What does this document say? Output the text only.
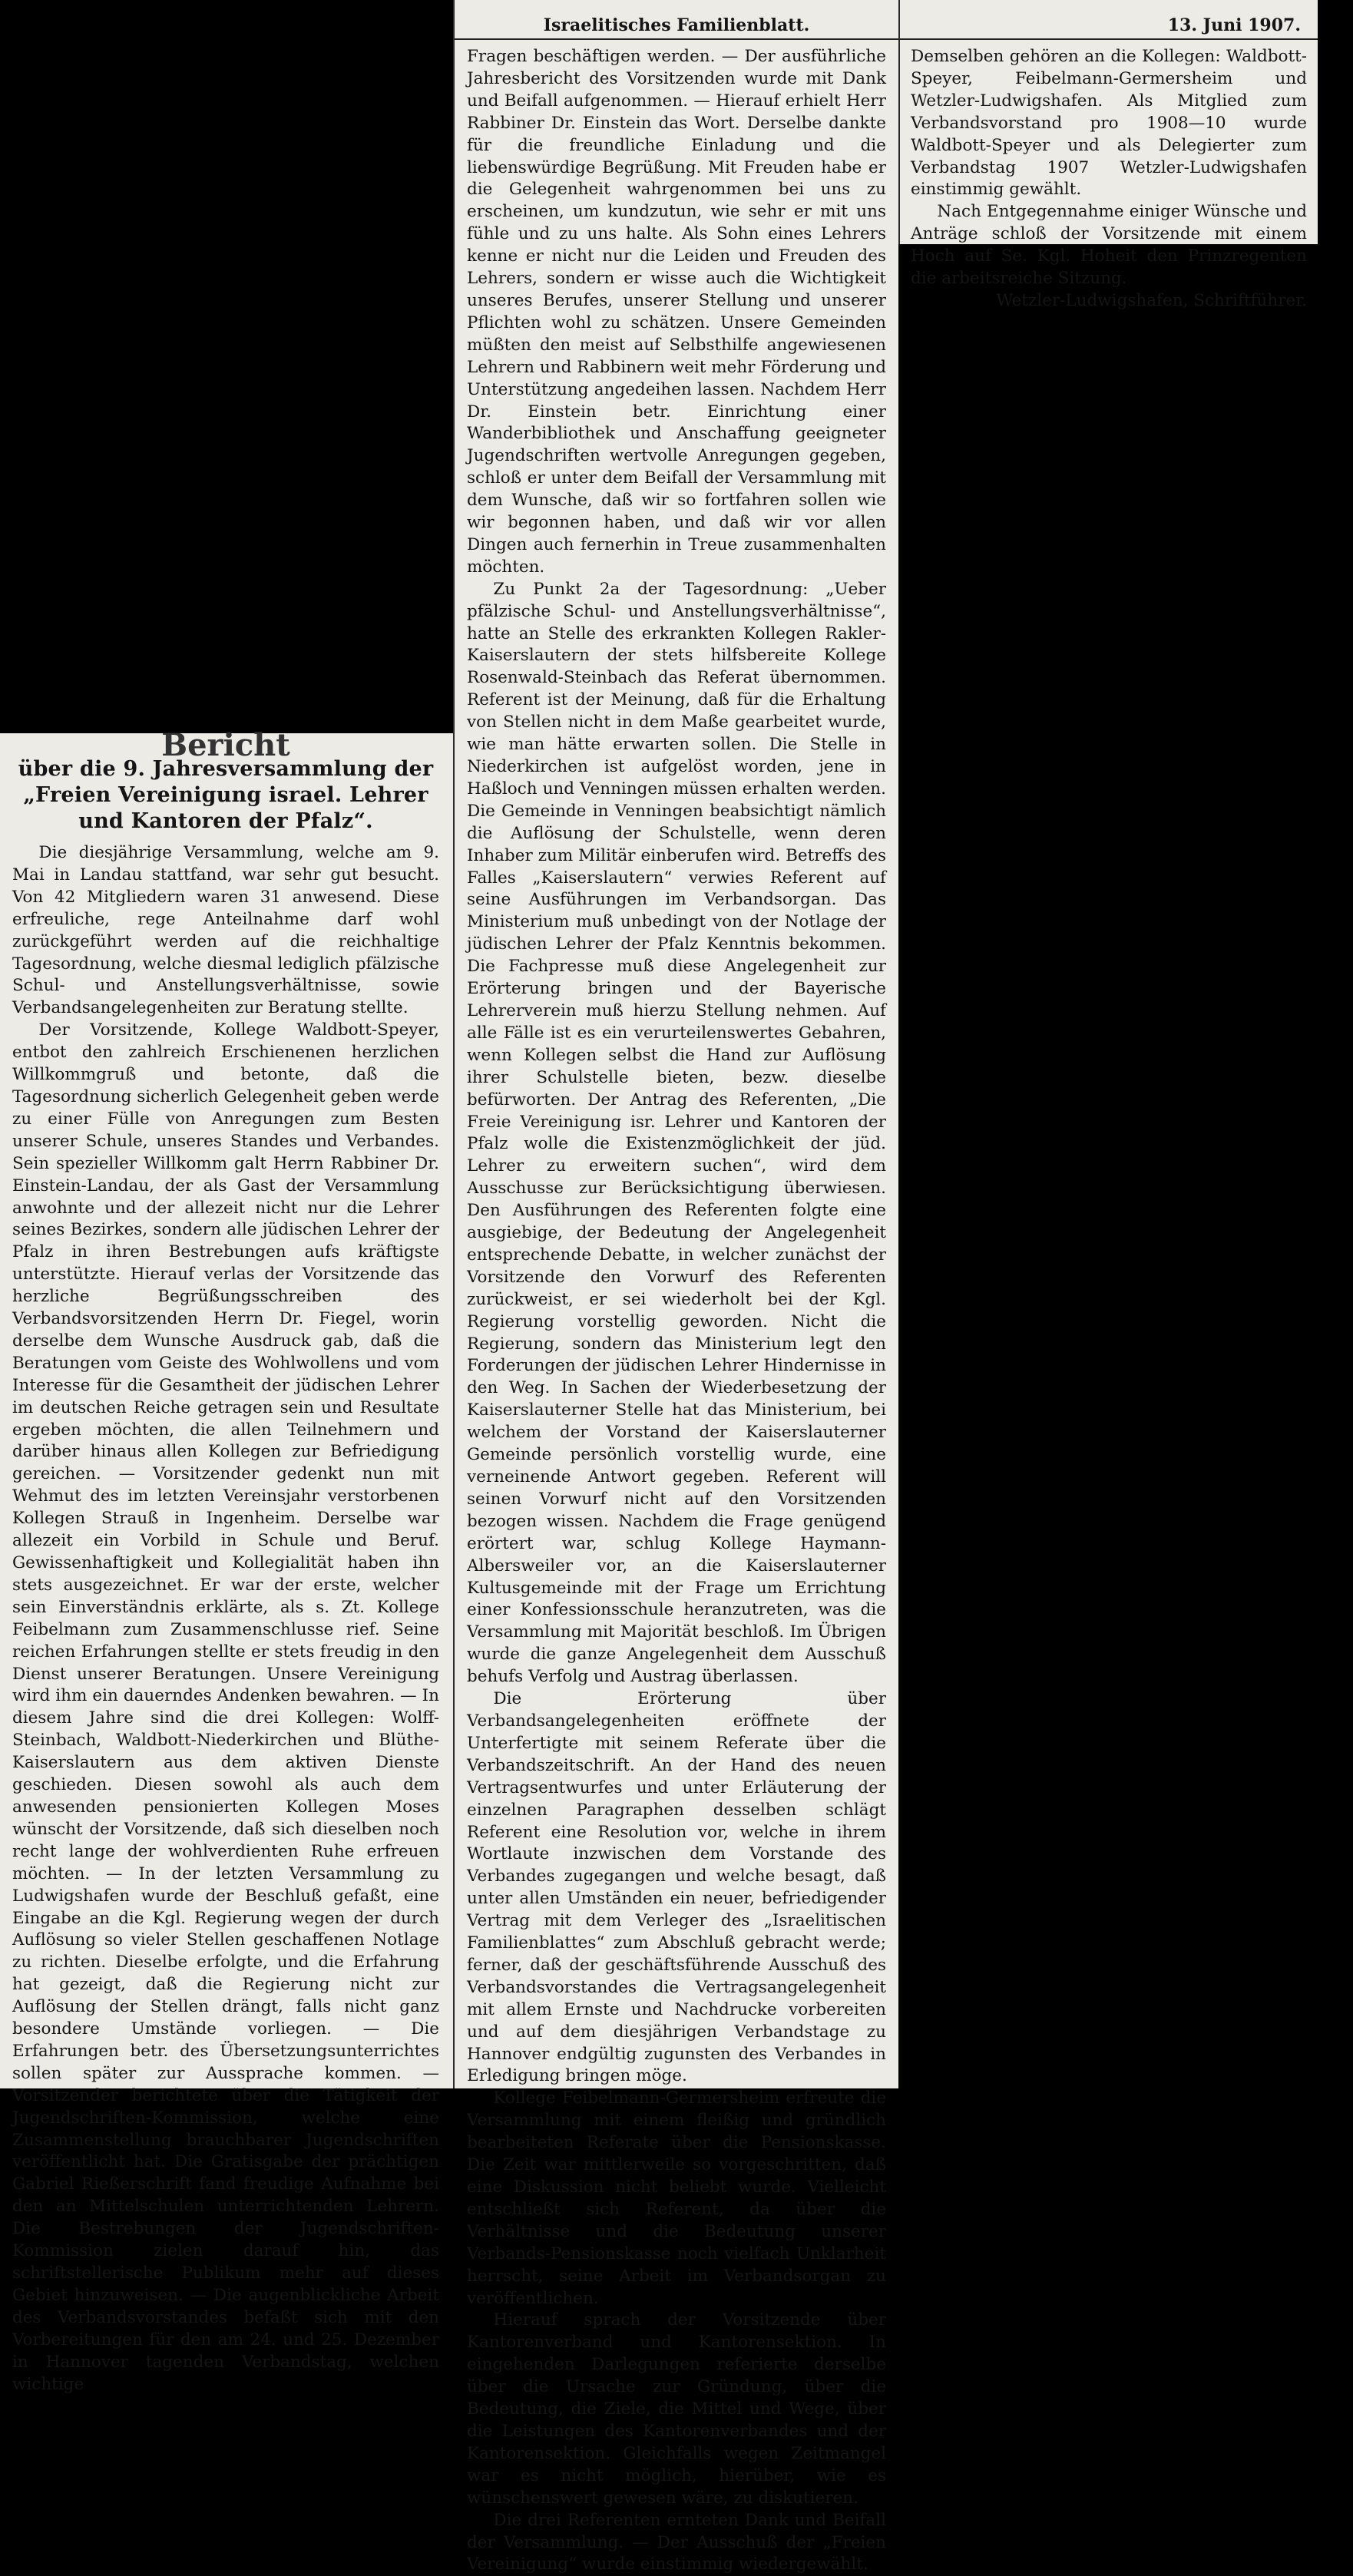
Bericht
über die 9. Jahresversammlung der „Freien Vereinigung israel. Lehrer und Kantoren der Pfalz“.

Die diesjährige Versammlung, welche am 9. Mai in Landau stattfand, war sehr gut besucht. Von 42 Mitgliedern waren 31 anwesend. Diese erfreuliche, rege Anteilnahme darf wohl zurückgeführt werden auf die reichhaltige Tagesordnung, welche diesmal lediglich pfälzische Schul- und Anstellungsverhältnisse, sowie Verbandsangelegenheiten zur Beratung stellte.

Der Vorsitzende, Kollege Waldbott-Speyer, entbot den zahlreich Erschienenen herzlichen Willkommgruß und betonte, daß die Tagesordnung sicherlich Gelegenheit geben werde zu einer Fülle von Anregungen zum Besten unserer Schule, unseres Standes und Verbandes. Sein spezieller Willkomm galt Herrn Rabbiner Dr. Einstein-Landau, der als Gast der Versammlung anwohnte und der allezeit nicht nur die Lehrer seines Bezirkes, sondern alle jüdischen Lehrer der Pfalz in ihren Bestrebungen aufs kräftigste unterstützte. Hierauf verlas der Vorsitzende das herzliche Begrüßungsschreiben des Verbandsvorsitzenden Herrn Dr. Fiegel, worin derselbe dem Wunsche Ausdruck gab, daß die Beratungen vom Geiste des Wohlwollens und vom Interesse für die Gesamtheit der jüdischen Lehrer im deutschen Reiche getragen sein und Resultate ergeben möchten, die allen Teilnehmern und darüber hinaus allen Kollegen zur Befriedigung gereichen. — Vorsitzender gedenkt nun mit Wehmut des im letzten Vereinsjahr verstorbenen Kollegen Strauß in Ingenheim. Derselbe war allezeit ein Vorbild in Schule und Beruf. Gewissenhaftigkeit und Kollegialität haben ihn stets ausgezeichnet. Er war der erste, welcher sein Einverständnis erklärte, als s. Zt. Kollege Feibelmann zum Zusammenschlusse rief. Seine reichen Erfahrungen stellte er stets freudig in den Dienst unserer Beratungen. Unsere Vereinigung wird ihm ein dauerndes Andenken bewahren. — In diesem Jahre sind die drei Kollegen: Wolff-Steinbach, Waldbott-Niederkirchen und Blüthe-Kaiserslautern aus dem aktiven Dienste geschieden. Diesen sowohl als auch dem anwesenden pensionierten Kollegen Moses wünscht der Vorsitzende, daß sich dieselben noch recht lange der wohlverdienten Ruhe erfreuen möchten. — In der letzten Versammlung zu Ludwigshafen wurde der Beschluß gefaßt, eine Eingabe an die Kgl. Regierung wegen der durch Auflösung so vieler Stellen geschaffenen Notlage zu richten. Dieselbe erfolgte, und die Erfahrung hat gezeigt, daß die Regierung nicht zur Auflösung der Stellen drängt, falls nicht ganz besondere Umstände vorliegen. — Die Erfahrungen betr. des Übersetzungsunterrichtes sollen später zur Aussprache kommen. — Vorsitzender berichtete über die Tätigkeit der Jugendschriften-Kommission, welche eine Zusammenstellung brauchbarer Jugendschriften veröffentlicht hat. Die Gratisgabe der prächtigen Gabriel Rießerschrift fand freudige Aufnahme bei den an Mittelschulen unterrichtenden Lehrern. Die Bestrebungen der Jugendschriften-Kommission zielen darauf hin, das schriftstellerische Publikum mehr auf dieses Gebiet hinzuweisen. — Die augenblickliche Arbeit des Verbandsvorstandes befaßt sich mit den Vorbereitungen für den am 24. und 25. Dezember in Hannover tagenden Verbandstag, welchen wichtige

Israelitisches Familienblatt.

Fragen beschäftigen werden. — Der ausführliche Jahresbericht des Vorsitzenden wurde mit Dank und Beifall aufgenommen. — Hierauf erhielt Herr Rabbiner Dr. Einstein das Wort. Derselbe dankte für die freundliche Einladung und die liebenswürdige Begrüßung. Mit Freuden habe er die Gelegenheit wahrgenommen bei uns zu erscheinen, um kundzutun, wie sehr er mit uns fühle und zu uns halte. Als Sohn eines Lehrers kenne er nicht nur die Leiden und Freuden des Lehrers, sondern er wisse auch die Wichtigkeit unseres Berufes, unserer Stellung und unserer Pflichten wohl zu schätzen. Unsere Gemeinden müßten den meist auf Selbsthilfe angewiesenen Lehrern und Rabbinern weit mehr Förderung und Unterstützung angedeihen lassen. Nachdem Herr Dr. Einstein betr. Einrichtung einer Wanderbibliothek und Anschaffung geeigneter Jugendschriften wertvolle Anregungen gegeben, schloß er unter dem Beifall der Versammlung mit dem Wunsche, daß wir so fortfahren sollen wie wir begonnen haben, und daß wir vor allen Dingen auch fernerhin in Treue zusammenhalten möchten.

Zu Punkt 2a der Tagesordnung: „Ueber pfälzische Schul- und Anstellungsverhältnisse“, hatte an Stelle des erkrankten Kollegen Rakler-Kaiserslautern der stets hilfsbereite Kollege Rosenwald-Steinbach das Referat übernommen. Referent ist der Meinung, daß für die Erhaltung von Stellen nicht in dem Maße gearbeitet wurde, wie man hätte erwarten sollen. Die Stelle in Niederkirchen ist aufgelöst worden, jene in Haßloch und Venningen müssen erhalten werden. Die Gemeinde in Venningen beabsichtigt nämlich die Auflösung der Schulstelle, wenn deren Inhaber zum Militär einberufen wird. Betreffs des Falles „Kaiserslautern“ verwies Referent auf seine Ausführungen im Verbandsorgan. Das Ministerium muß unbedingt von der Notlage der jüdischen Lehrer der Pfalz Kenntnis bekommen. Die Fachpresse muß diese Angelegenheit zur Erörterung bringen und der Bayerische Lehrerverein muß hierzu Stellung nehmen. Auf alle Fälle ist es ein verurteilenswertes Gebahren, wenn Kollegen selbst die Hand zur Auflösung ihrer Schulstelle bieten, bezw. dieselbe befürworten. Der Antrag des Referenten, „Die Freie Vereinigung isr. Lehrer und Kantoren der Pfalz wolle die Existenzmöglichkeit der jüd. Lehrer zu erweitern suchen“, wird dem Ausschusse zur Berücksichtigung überwiesen. Den Ausführungen des Referenten folgte eine ausgiebige, der Bedeutung der Angelegenheit entsprechende Debatte, in welcher zunächst der Vorsitzende den Vorwurf des Referenten zurückweist, er sei wiederholt bei der Kgl. Regierung vorstellig geworden. Nicht die Regierung, sondern das Ministerium legt den Forderungen der jüdischen Lehrer Hindernisse in den Weg. In Sachen der Wiederbesetzung der Kaiserslauterner Stelle hat das Ministerium, bei welchem der Vorstand der Kaiserslauterner Gemeinde persönlich vorstellig wurde, eine verneinende Antwort gegeben. Referent will seinen Vorwurf nicht auf den Vorsitzenden bezogen wissen. Nachdem die Frage genügend erörtert war, schlug Kollege Haymann-Albersweiler vor, an die Kaiserslauterner Kultusgemeinde mit der Frage um Errichtung einer Konfessionsschule heranzutreten, was die Versammlung mit Majorität beschloß. Im Übrigen wurde die ganze Angelegenheit dem Ausschuß behufs Verfolg und Austrag überlassen.

Die Erörterung über Verbandsangelegenheiten eröffnete der Unterfertigte mit seinem Referate über die Verbandszeitschrift. An der Hand des neuen Vertragsentwurfes und unter Erläuterung der einzelnen Paragraphen desselben schlägt Referent eine Resolution vor, welche in ihrem Wortlaute inzwischen dem Vorstande des Verbandes zugegangen und welche besagt, daß unter allen Umständen ein neuer, befriedigender Vertrag mit dem Verleger des „Israelitischen Familienblattes“ zum Abschluß gebracht werde; ferner, daß der geschäftsführende Ausschuß des Verbandsvorstandes die Vertragsangelegenheit mit allem Ernste und Nachdrucke vorbereiten und auf dem diesjährigen Verbandstage zu Hannover endgültig zugunsten des Verbandes in Erledigung bringen möge.

Kollege Feibelmann-Germersheim erfreute die Versammlung mit einem fleißig und gründlich bearbeiteten Referate über die Pensionskasse. Die Zeit war mittlerweile so vorgeschritten, daß eine Diskussion nicht beliebt wurde. Vielleicht entschließt sich Referent, da über die Verhältnisse und die Bedeutung unserer Verbands-Pensionskasse noch vielfach Unklarheit herrscht, seine Arbeit im Verbandsorgan zu veröffentlichen.

Hierauf sprach der Vorsitzende über Kantorenverband und Kantorensektion. In eingehenden Darlegungen referierte derselbe über die Ursache zur Gründung, über die Bedeutung, die Ziele, die Mittel und Wege, über die Leistungen des Kantorenverbandes und der Kantorensektion. Gleichfalls wegen Zeitmangel war es nicht möglich, hierüber, wie es wünschenswert gewesen wäre, zu diskutieren.

Die drei Referenten ernteten Dank und Beifall der Versammlung. — Der Ausschuß der „Freien Vereinigung“ wurde einstimmig wiedergewählt.

13. Juni 1907.

Demselben gehören an die Kollegen: Waldbott-Speyer, Feibelmann-Germersheim und Wetzler-Ludwigshafen. Als Mitglied zum Verbandsvorstand pro 1908—10 wurde Waldbott-Speyer und als Delegierter zum Verbandstag 1907 Wetzler-Ludwigshafen einstimmig gewählt.

Nach Entgegennahme einiger Wünsche und Anträge schloß der Vorsitzende mit einem Hoch auf Se. Kgl. Hoheit den Prinzregenten die arbeitsreiche Sitzung.

Wetzler-Ludwigshafen, Schriftführer.
